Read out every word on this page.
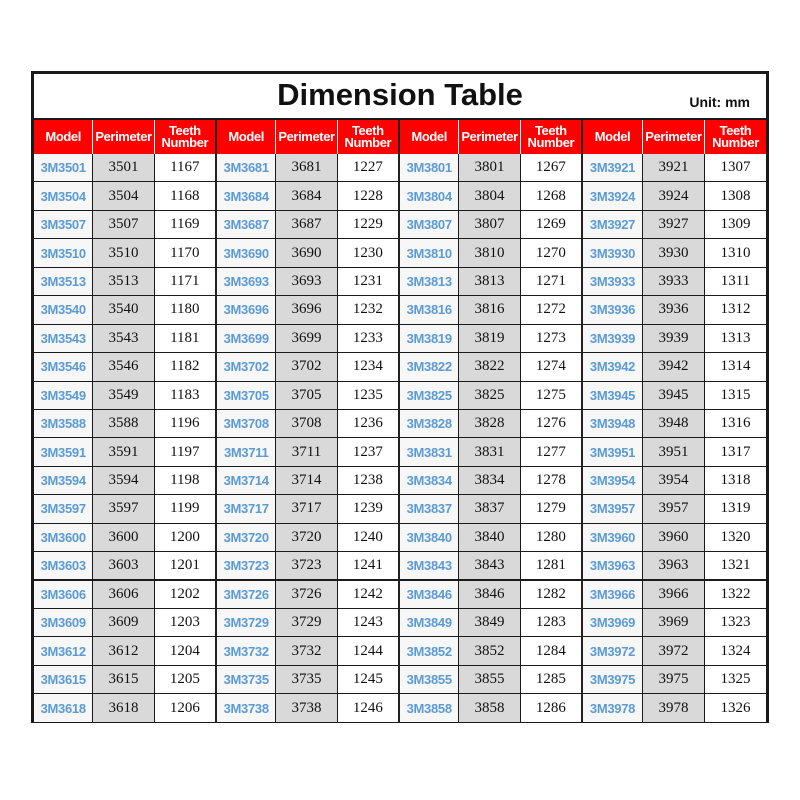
Dimension Table	Unit: mm
Model	Perimeter	Teeth Number
3M3501	3501	1167
3M3504	3504	1168
3M3507	3507	1169
3M3510	3510	1170
3M3513	3513	1171
3M3540	3540	1180
3M3543	3543	1181
3M3546	3546	1182
3M3549	3549	1183
3M3588	3588	1196
3M3591	3591	1197
3M3594	3594	1198
3M3597	3597	1199
3M3600	3600	1200
3M3603	3603	1201
3M3606	3606	1202
3M3609	3609	1203
3M3612	3612	1204
3M3615	3615	1205
3M3618	3618	1206
Model	Perimeter	Teeth Number
3M3681	3681	1227
3M3684	3684	1228
3M3687	3687	1229
3M3690	3690	1230
3M3693	3693	1231
3M3696	3696	1232
3M3699	3699	1233
3M3702	3702	1234
3M3705	3705	1235
3M3708	3708	1236
3M3711	3711	1237
3M3714	3714	1238
3M3717	3717	1239
3M3720	3720	1240
3M3723	3723	1241
3M3726	3726	1242
3M3729	3729	1243
3M3732	3732	1244
3M3735	3735	1245
3M3738	3738	1246
Model	Perimeter	Teeth Number
3M3801	3801	1267
3M3804	3804	1268
3M3807	3807	1269
3M3810	3810	1270
3M3813	3813	1271
3M3816	3816	1272
3M3819	3819	1273
3M3822	3822	1274
3M3825	3825	1275
3M3828	3828	1276
3M3831	3831	1277
3M3834	3834	1278
3M3837	3837	1279
3M3840	3840	1280
3M3843	3843	1281
3M3846	3846	1282
3M3849	3849	1283
3M3852	3852	1284
3M3855	3855	1285
3M3858	3858	1286
Model	Perimeter	Teeth Number
3M3921	3921	1307
3M3924	3924	1308
3M3927	3927	1309
3M3930	3930	1310
3M3933	3933	1311
3M3936	3936	1312
3M3939	3939	1313
3M3942	3942	1314
3M3945	3945	1315
3M3948	3948	1316
3M3951	3951	1317
3M3954	3954	1318
3M3957	3957	1319
3M3960	3960	1320
3M3963	3963	1321
3M3966	3966	1322
3M3969	3969	1323
3M3972	3972	1324
3M3975	3975	1325
3M3978	3978	1326
